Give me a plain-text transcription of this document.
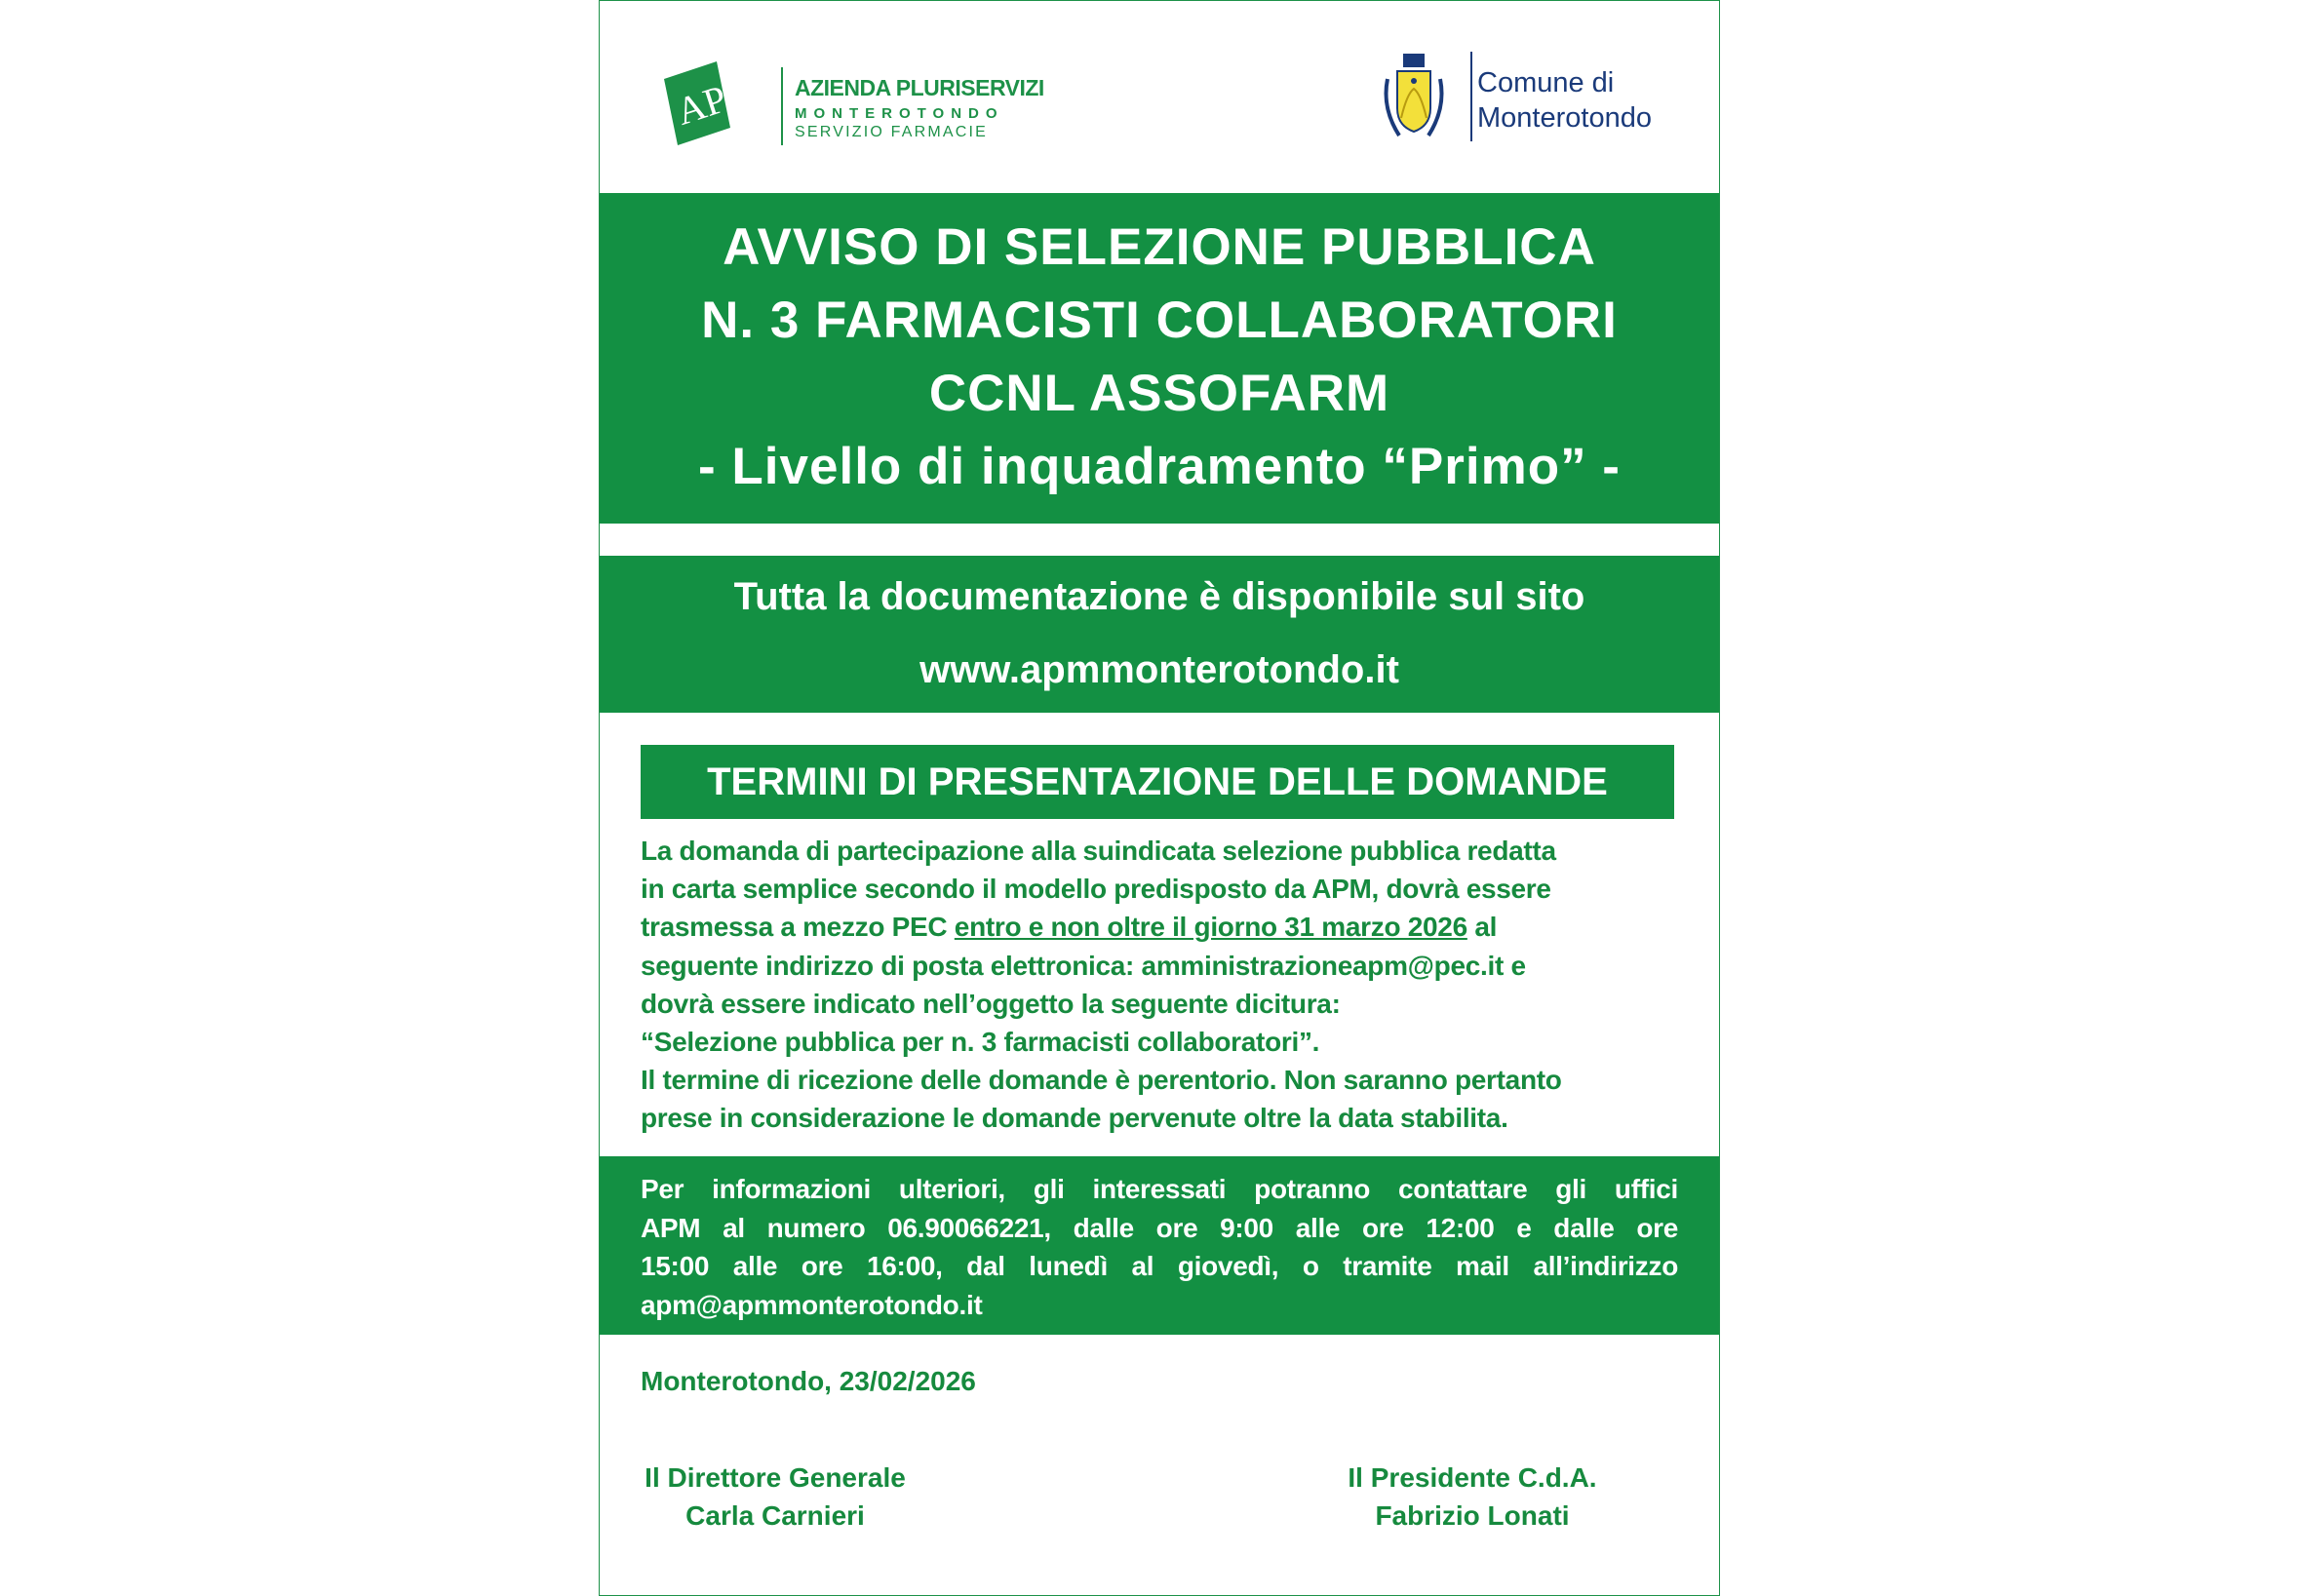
APM AZIENDA PLURISERVIZI
MONTEROTONDO
SERVIZIO FARMACIE
Comune di
Monterotondo
AVVISO DI SELEZIONE PUBBLICA
N. 3 FARMACISTI COLLABORATORI
CCNL ASSOFARM
- Livello di inquadramento “Primo” -
Tutta la documentazione è disponibile sul sito
www.apmmonterotondo.it
TERMINI DI PRESENTAZIONE DELLE DOMANDE
La domanda di partecipazione alla suindicata selezione pubblica redatta
in carta semplice secondo il modello predisposto da APM, dovrà essere
trasmessa a mezzo PEC entro e non oltre il giorno 31 marzo 2026 al
seguente indirizzo di posta elettronica: amministrazioneapm@pec.it e
dovrà essere indicato nell’oggetto la seguente dicitura:
“Selezione pubblica per n. 3 farmacisti collaboratori”.
Il termine di ricezione delle domande è perentorio. Non saranno pertanto
prese in considerazione le domande pervenute oltre la data stabilita.
Per informazioni ulteriori, gli interessati potranno contattare gli uffici
APM al numero 06.90066221, dalle ore 9:00 alle ore 12:00 e dalle ore
15:00 alle ore 16:00, dal lunedì al giovedì, o tramite mail all’indirizzo
apm@apmmonterotondo.it
Monterotondo, 23/02/2026
Il Direttore Generale
Carla Carnieri
Il Presidente C.d.A.
Fabrizio Lonati
